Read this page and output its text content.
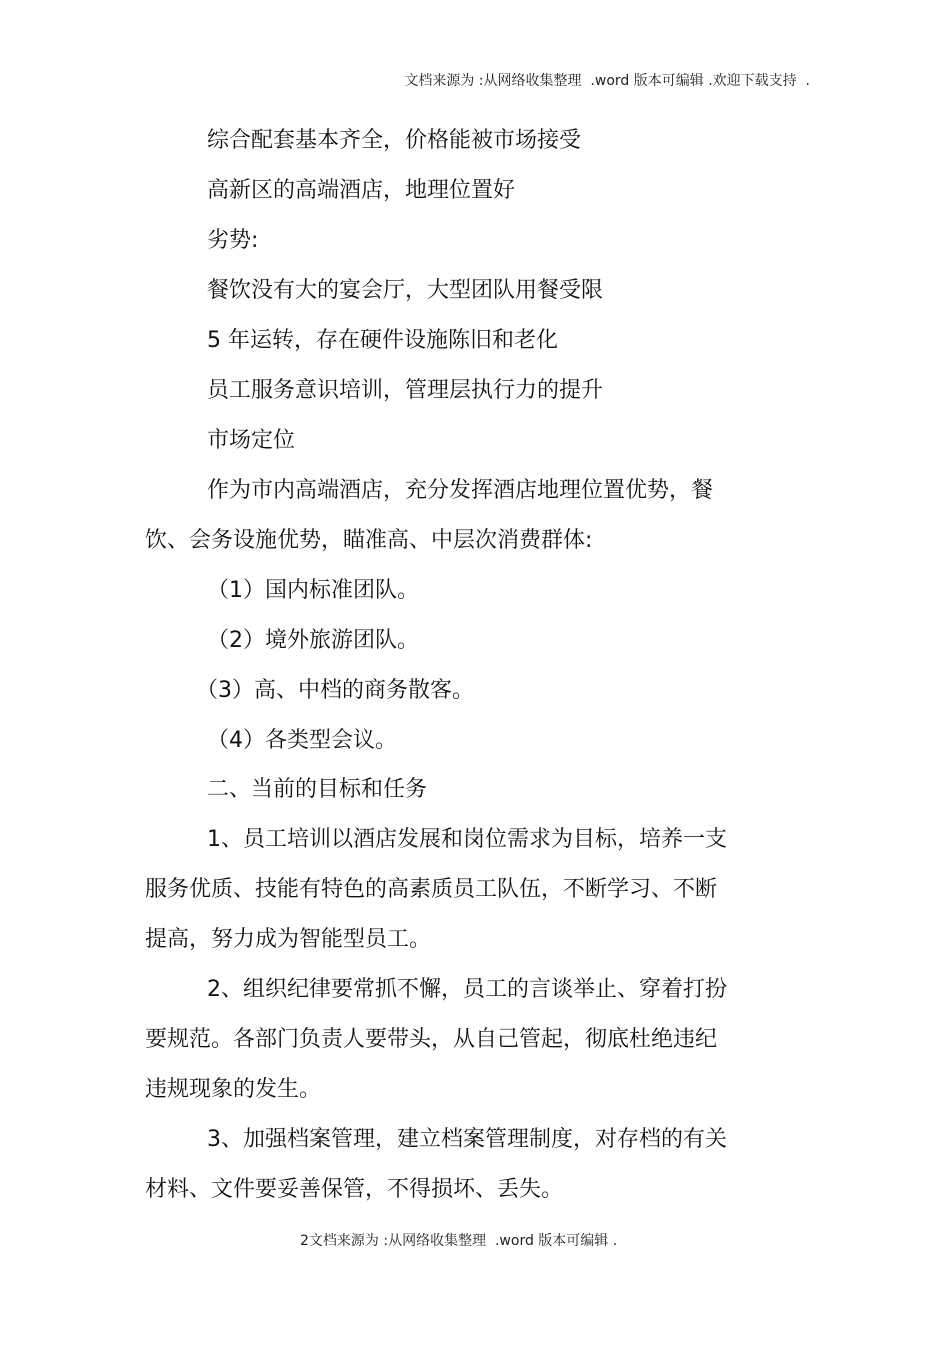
文档来源为 :从网络收集整理  .word 版本可编辑 .欢迎下载支持  .
综合配套基本齐全，价格能被市场接受
高新区的高端酒店，地理位置好
劣势:
餐饮没有大的宴会厅，大型团队用餐受限
5 年运转，存在硬件设施陈旧和老化
员工服务意识培训，管理层执行力的提升
市场定位
作为市内高端酒店，充分发挥酒店地理位置优势，餐
饮、会务设施优势，瞄准高、中层次消费群体:
（1）国内标准团队。
（2）境外旅游团队。
（3）高、中档的商务散客。
（4）各类型会议。
二、当前的目标和任务
1、员工培训以酒店发展和岗位需求为目标，培养一支
服务优质、技能有特色的高素质员工队伍，不断学习、不断
提高，努力成为智能型员工。
2、组织纪律要常抓不懈，员工的言谈举止、穿着打扮
要规范。各部门负责人要带头，从自己管起，彻底杜绝违纪
违规现象的发生。
3、加强档案管理，建立档案管理制度，对存档的有关
材料、文件要妥善保管，不得损坏、丢失。
2文档来源为 :从网络收集整理  .word 版本可编辑 .
